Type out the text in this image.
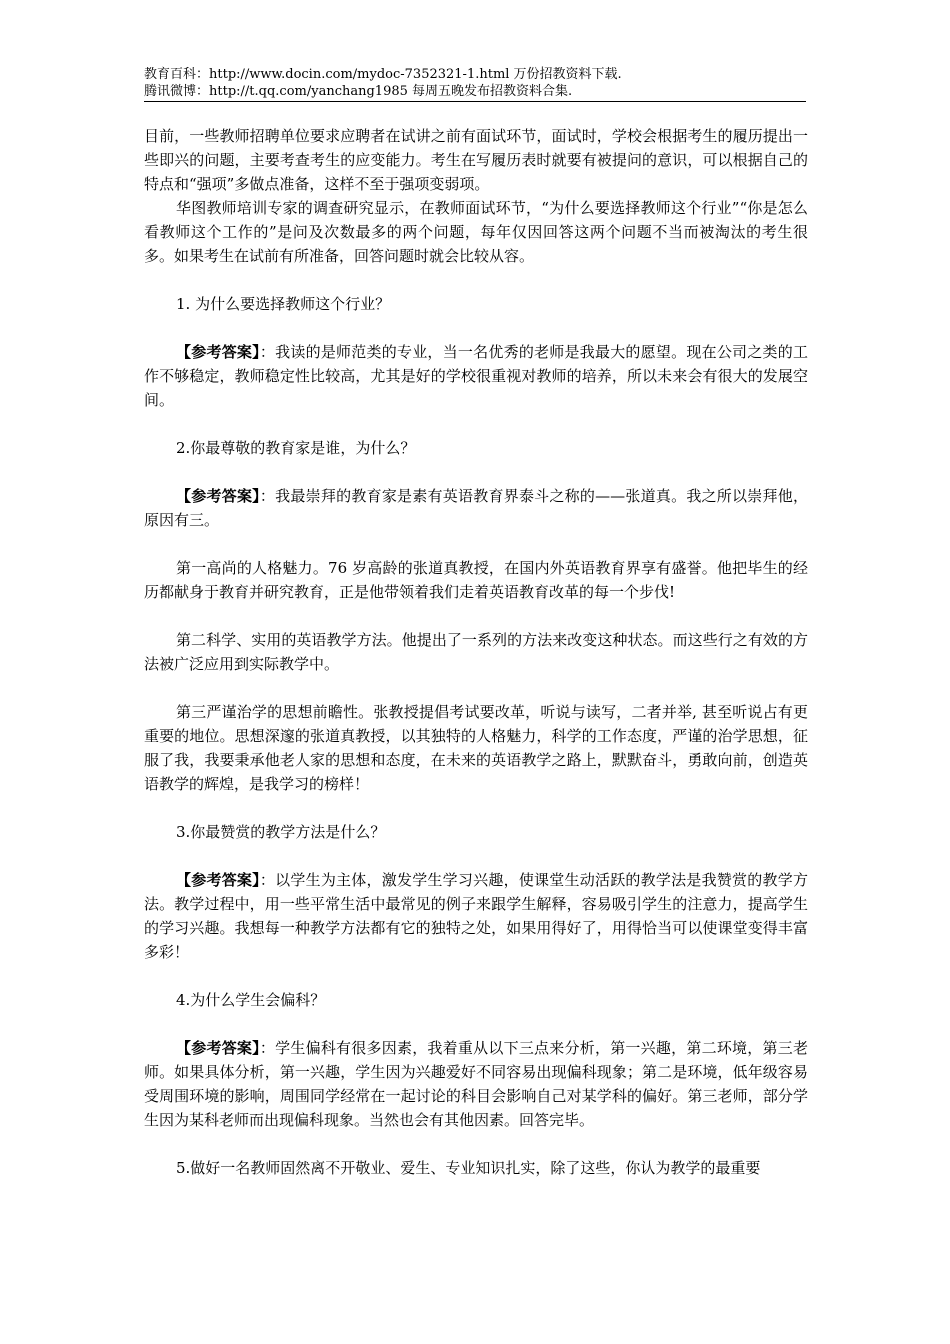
教育百科：http://www.docin.com/mydoc-7352321-1.html 万份招教资料下载.
腾讯微博：http://t.qq.com/yanchang1985 每周五晚发布招教资料合集.

目前，一些教师招聘单位要求应聘者在试讲之前有面试环节，面试时，学校会根据考生的履历提出一些即兴的问题，主要考查考生的应变能力。考生在写履历表时就要有被提问的意识，可以根据自己的特点和“强项”多做点准备，这样不至于强项变弱项。

华图教师培训专家的调查研究显示，在教师面试环节，“为什么要选择教师这个行业”“你是怎么看教师这个工作的”是问及次数最多的两个问题，每年仅因回答这两个问题不当而被淘汰的考生很多。如果考生在试前有所准备，回答问题时就会比较从容。

1. 为什么要选择教师这个行业？

【参考答案】：我读的是师范类的专业，当一名优秀的老师是我最大的愿望。现在公司之类的工作不够稳定，教师稳定性比较高，尤其是好的学校很重视对教师的培养，所以未来会有很大的发展空间。

2.你最尊敬的教育家是谁，为什么？

【参考答案】：我最崇拜的教育家是素有英语教育界泰斗之称的——张道真。我之所以崇拜他，原因有三。

第一高尚的人格魅力。76 岁高龄的张道真教授，在国内外英语教育界享有盛誉。他把毕生的经历都献身于教育并研究教育，正是他带领着我们走着英语教育改革的每一个步伐!

第二科学、实用的英语教学方法。他提出了一系列的方法来改变这种状态。而这些行之有效的方法被广泛应用到实际教学中。

第三严谨治学的思想前瞻性。张教授提倡考试要改革，听说与读写，二者并举, 甚至听说占有更重要的地位。思想深邃的张道真教授，以其独特的人格魅力，科学的工作态度，严谨的治学思想，征服了我，我要秉承他老人家的思想和态度，在未来的英语教学之路上，默默奋斗，勇敢向前，创造英语教学的辉煌，是我学习的榜样！

3.你最赞赏的教学方法是什么？

【参考答案】：以学生为主体，激发学生学习兴趣，使课堂生动活跃的教学法是我赞赏的教学方法。教学过程中，用一些平常生活中最常见的例子来跟学生解释，容易吸引学生的注意力，提高学生的学习兴趣。我想每一种教学方法都有它的独特之处，如果用得好了，用得恰当可以使课堂变得丰富多彩！

4.为什么学生会偏科？

【参考答案】：学生偏科有很多因素，我着重从以下三点来分析，第一兴趣，第二环境，第三老师。如果具体分析，第一兴趣，学生因为兴趣爱好不同容易出现偏科现象；第二是环境，低年级容易受周围环境的影响，周围同学经常在一起讨论的科目会影响自己对某学科的偏好。第三老师，部分学生因为某科老师而出现偏科现象。当然也会有其他因素。回答完毕。

5.做好一名教师固然离不开敬业、爱生、专业知识扎实，除了这些，你认为教学的最重要
